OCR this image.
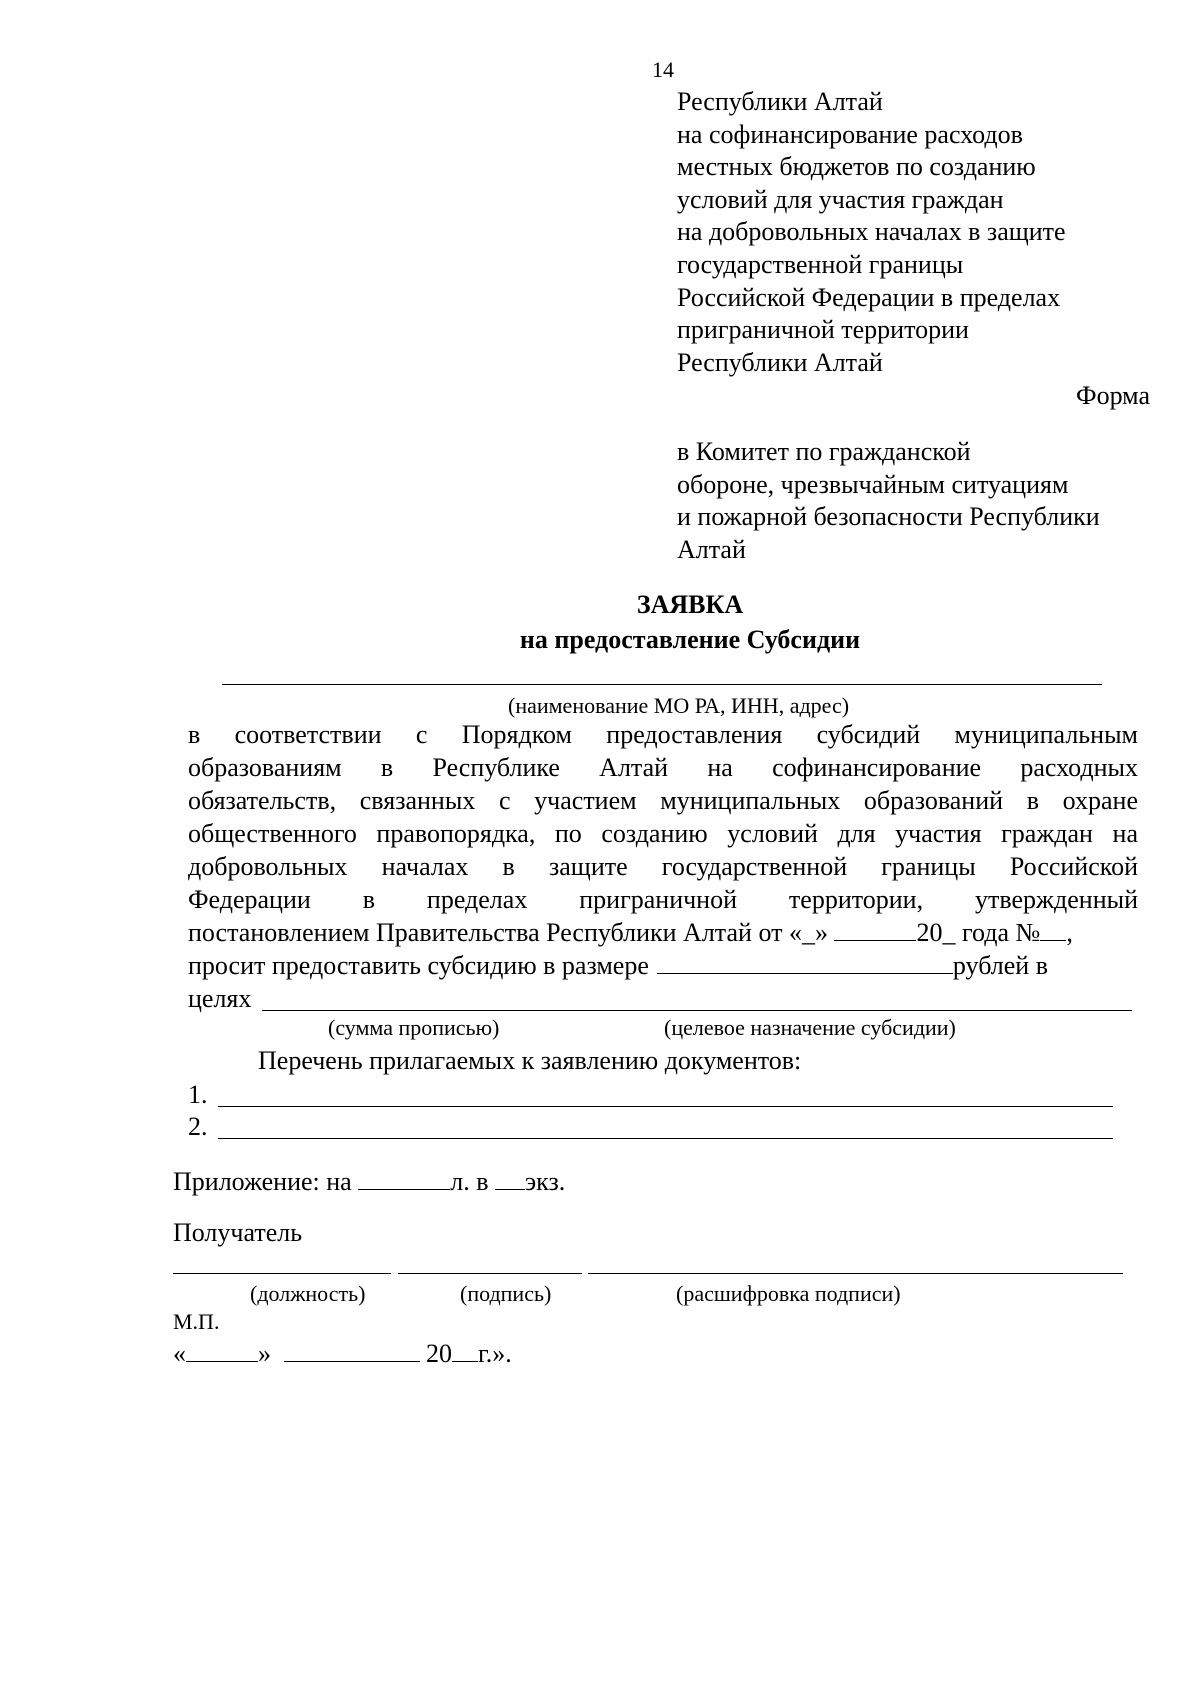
14
Республики Алтай
на софинансирование расходов
местных бюджетов по созданию
условий для участия граждан
на добровольных началах в защите
государственной границы
Российской Федерации в пределах
приграничной территории
Республики Алтай
Форма
в Комитет по гражданской
обороне, чрезвычайным ситуациям
и пожарной безопасности Республики
Алтай
ЗАЯВКА
на предоставление Субсидии
(наименование МО РА, ИНН, адрес)
в соответствии с Порядком предоставления субсидий муниципальным
образованиям в Республике Алтай на софинансирование расходных
обязательств, связанных с участием муниципальных образований в охране
общественного правопорядка, по созданию условий для участия граждан на
добровольных началах в защите государственной границы Российской
Федерации в пределах приграничной территории, утвержденный
постановлением Правительства Республики Алтай от «_»	20_ года № ,
просит предоставить субсидию в размере	рублей в
целях
(сумма прописью)	(целевое назначение субсидии)
Перечень прилагаемых к заявлению документов:
1.
2.
Приложение: на	л. в экз.
Получатель
(должность)	(подпись)	(расшифровка подписи)
М.П.
«	»	20 г.».
